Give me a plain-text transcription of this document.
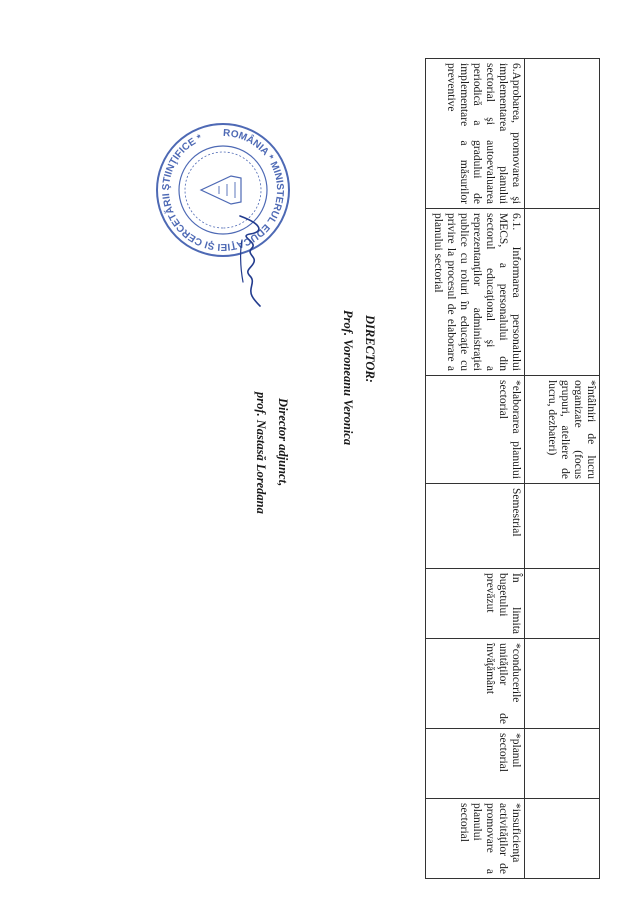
		*întâlniri de lucru organizate (focus grupuri, ateliere de lucru, dezbateri)					
6.Aprobarea, promovarea şi implementarea planului sectorial şi autoevaluarea periodică a gradului de implementare a măsurilor preventive	6.1. Informarea personalului MECS, a personalului din sectorul educaţional şi a reprezentanţilor administraţiei publice cu roluri în educaţie cu privire la procesul de elaborare a planului sectorial	*elaborarea planului sectorial	Semestrial	În limita bugetului prevăzut	*conducerile unităţilor de învăţământ	*planul sectorial	*insuficienţa activităţilor de promovare a planului sectorial
DIRECTOR:
Prof. Voroneanu Veronica
ROMÂNIA * MINISTERUL EDUCAŢIEI ŞI CERCETĂRII ŞTIINŢIFICE *
Director adjunct,
prof. Nastasă Loredana
